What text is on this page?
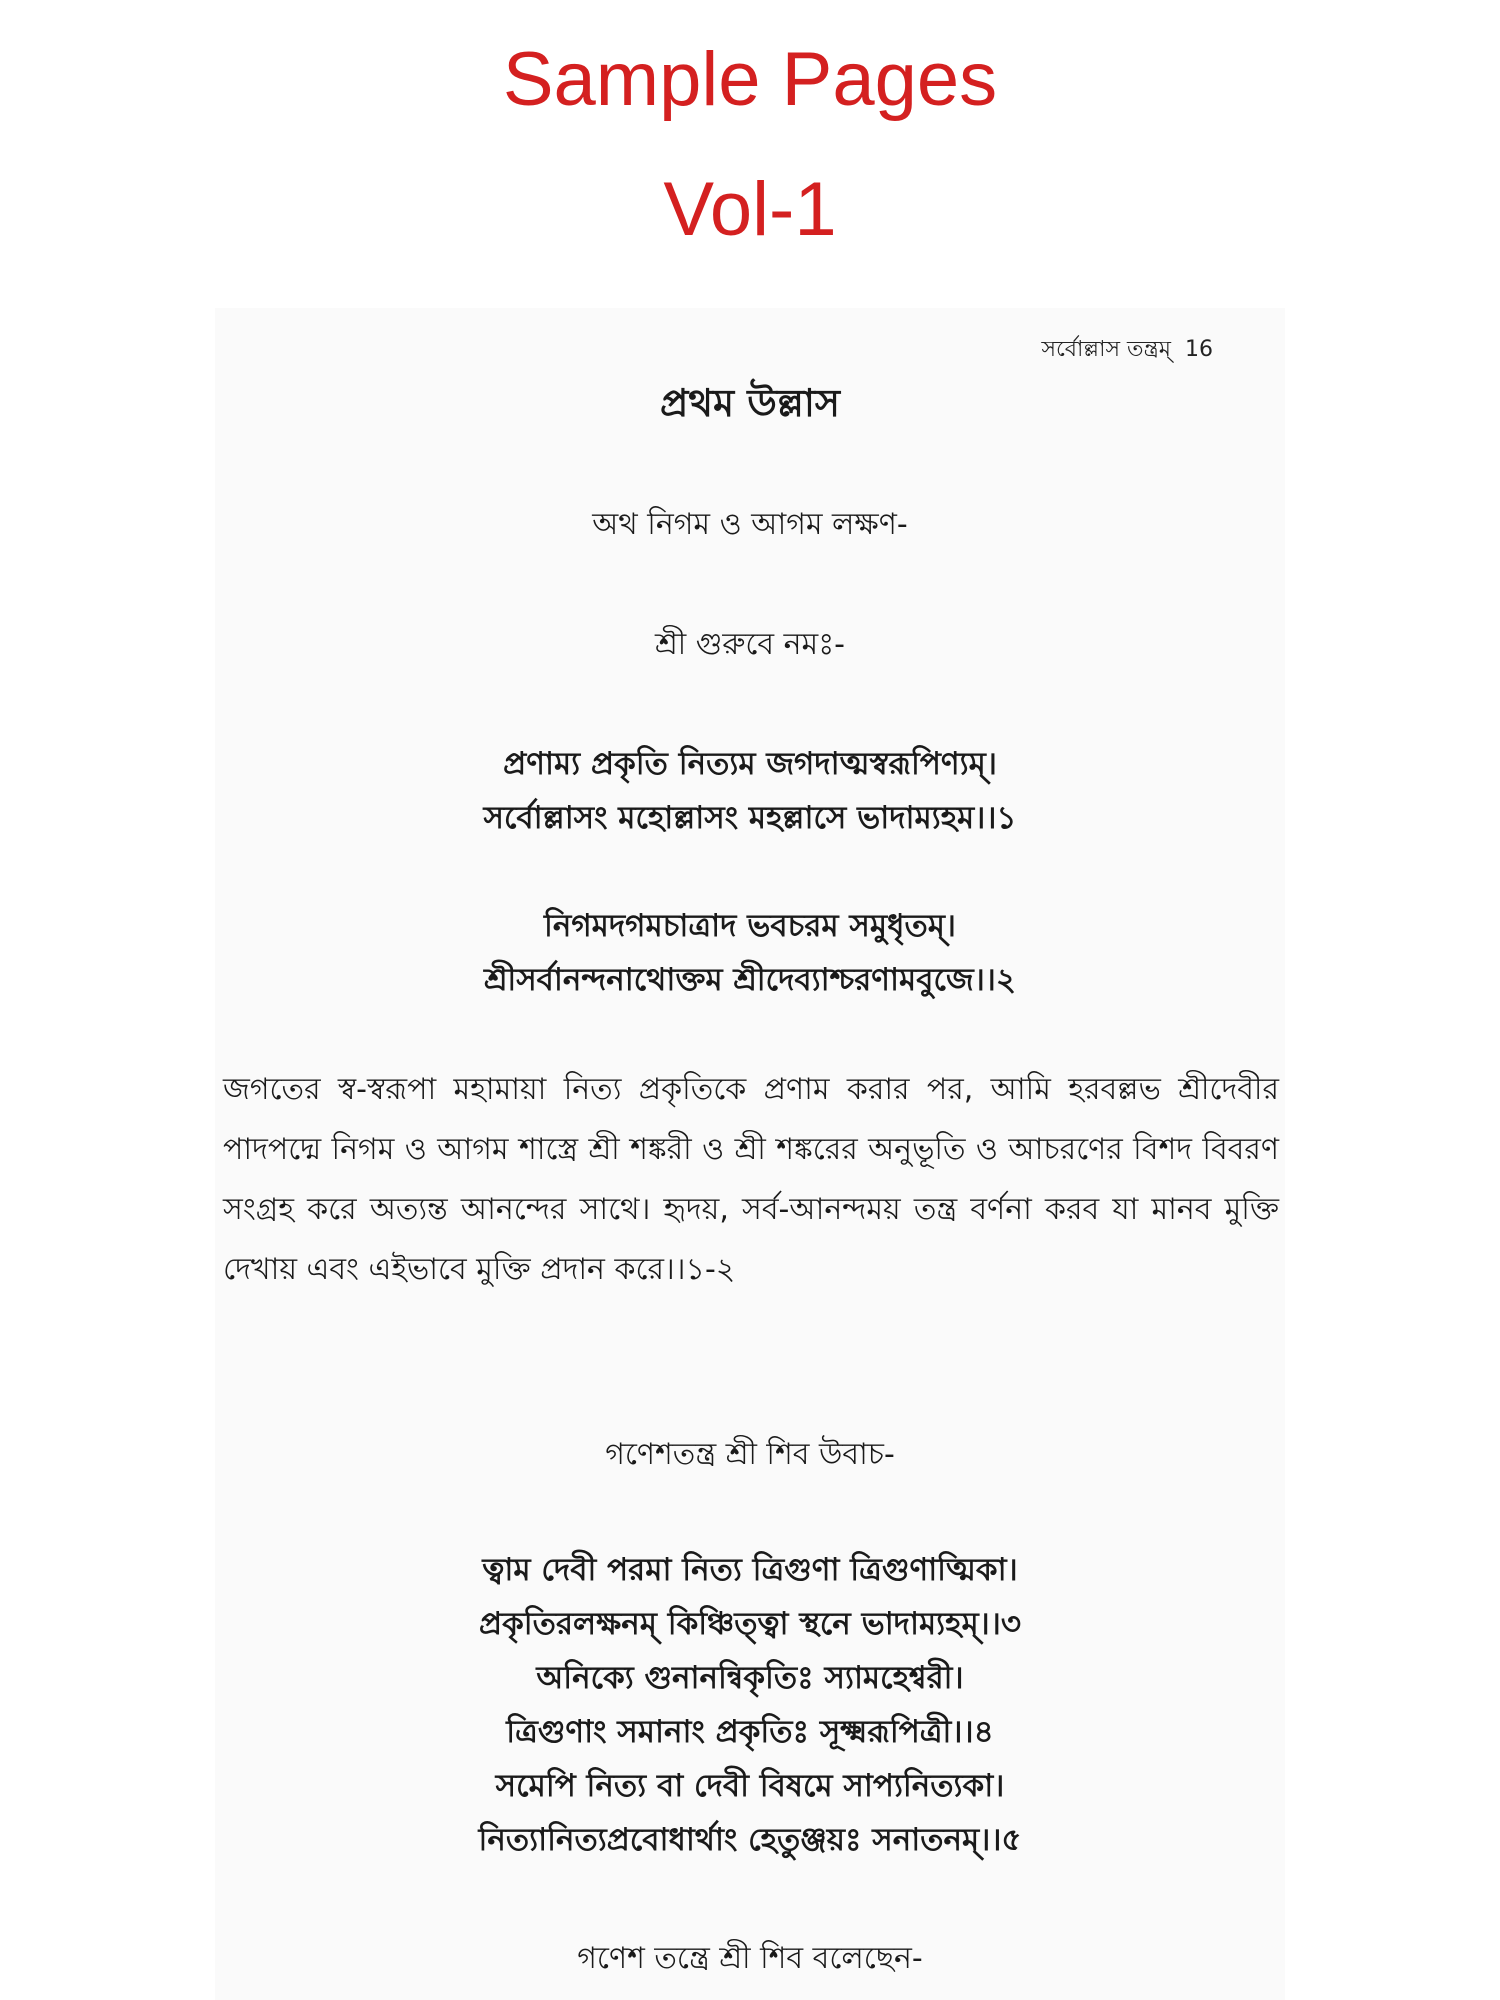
Sample Pages
Vol-1
সর্বোল্লাস তন্ত্রম্ 16
প্রথম উল্লাস
অথ নিগম ও আগম লক্ষণ-
শ্রী গুরুবে নমঃ-
প্রণাম্য প্রকৃতি নিত্যম জগদাত্মস্বরূপিণ্যম্।
সর্বোল্লাসং মহোল্লাসং মহল্লাসে ভাদাম্যহম।।১
নিগমদগমচাত্রাদ ভবচরম সমুধৃতম্।
শ্রীসর্বানন্দনাথোক্তম শ্রীদেব্যাশ্চরণামবুজে।।২
জগতের স্ব-স্বরূপা মহামায়া নিত্য প্রকৃতিকে প্রণাম করার পর, আমি হরবল্লভ শ্রীদেবীর পাদপদ্মে নিগম ও আগম শাস্ত্রে শ্রী শঙ্করী ও শ্রী শঙ্করের অনুভূতি ও আচরণের বিশদ বিবরণ সংগ্রহ করে অত্যন্ত আনন্দের সাথে। হৃদয়, সর্ব-আনন্দময় তন্ত্র বর্ণনা করব যা মানব মুক্তি দেখায় এবং এইভাবে মুক্তি প্রদান করে।।১-২
গণেশতন্ত্র শ্রী শিব উবাচ-
ত্বাম দেবী পরমা নিত্য ত্রিগুণা ত্রিগুণাত্মিকা।
প্রকৃতিরলক্ষনম্ কিঞ্চিত্ত্বা স্থনে ভাদাম্যহম্।।৩
অনিক্যে গুনানন্বিকৃতিঃ স্যামহেশ্বরী।
ত্রিগুণাং সমানাং প্রকৃতিঃ সূক্ষ্মরূপিত্রী।।৪
সমেপি নিত্য বা দেবী বিষমে সাপ্যনিত্যকা।
নিত্যানিত্যপ্রবোধার্থাং হেতুঞ্জয়ঃ সনাতনম্।।৫
গণেশ তন্ত্রে শ্রী শিব বলেছেন-
